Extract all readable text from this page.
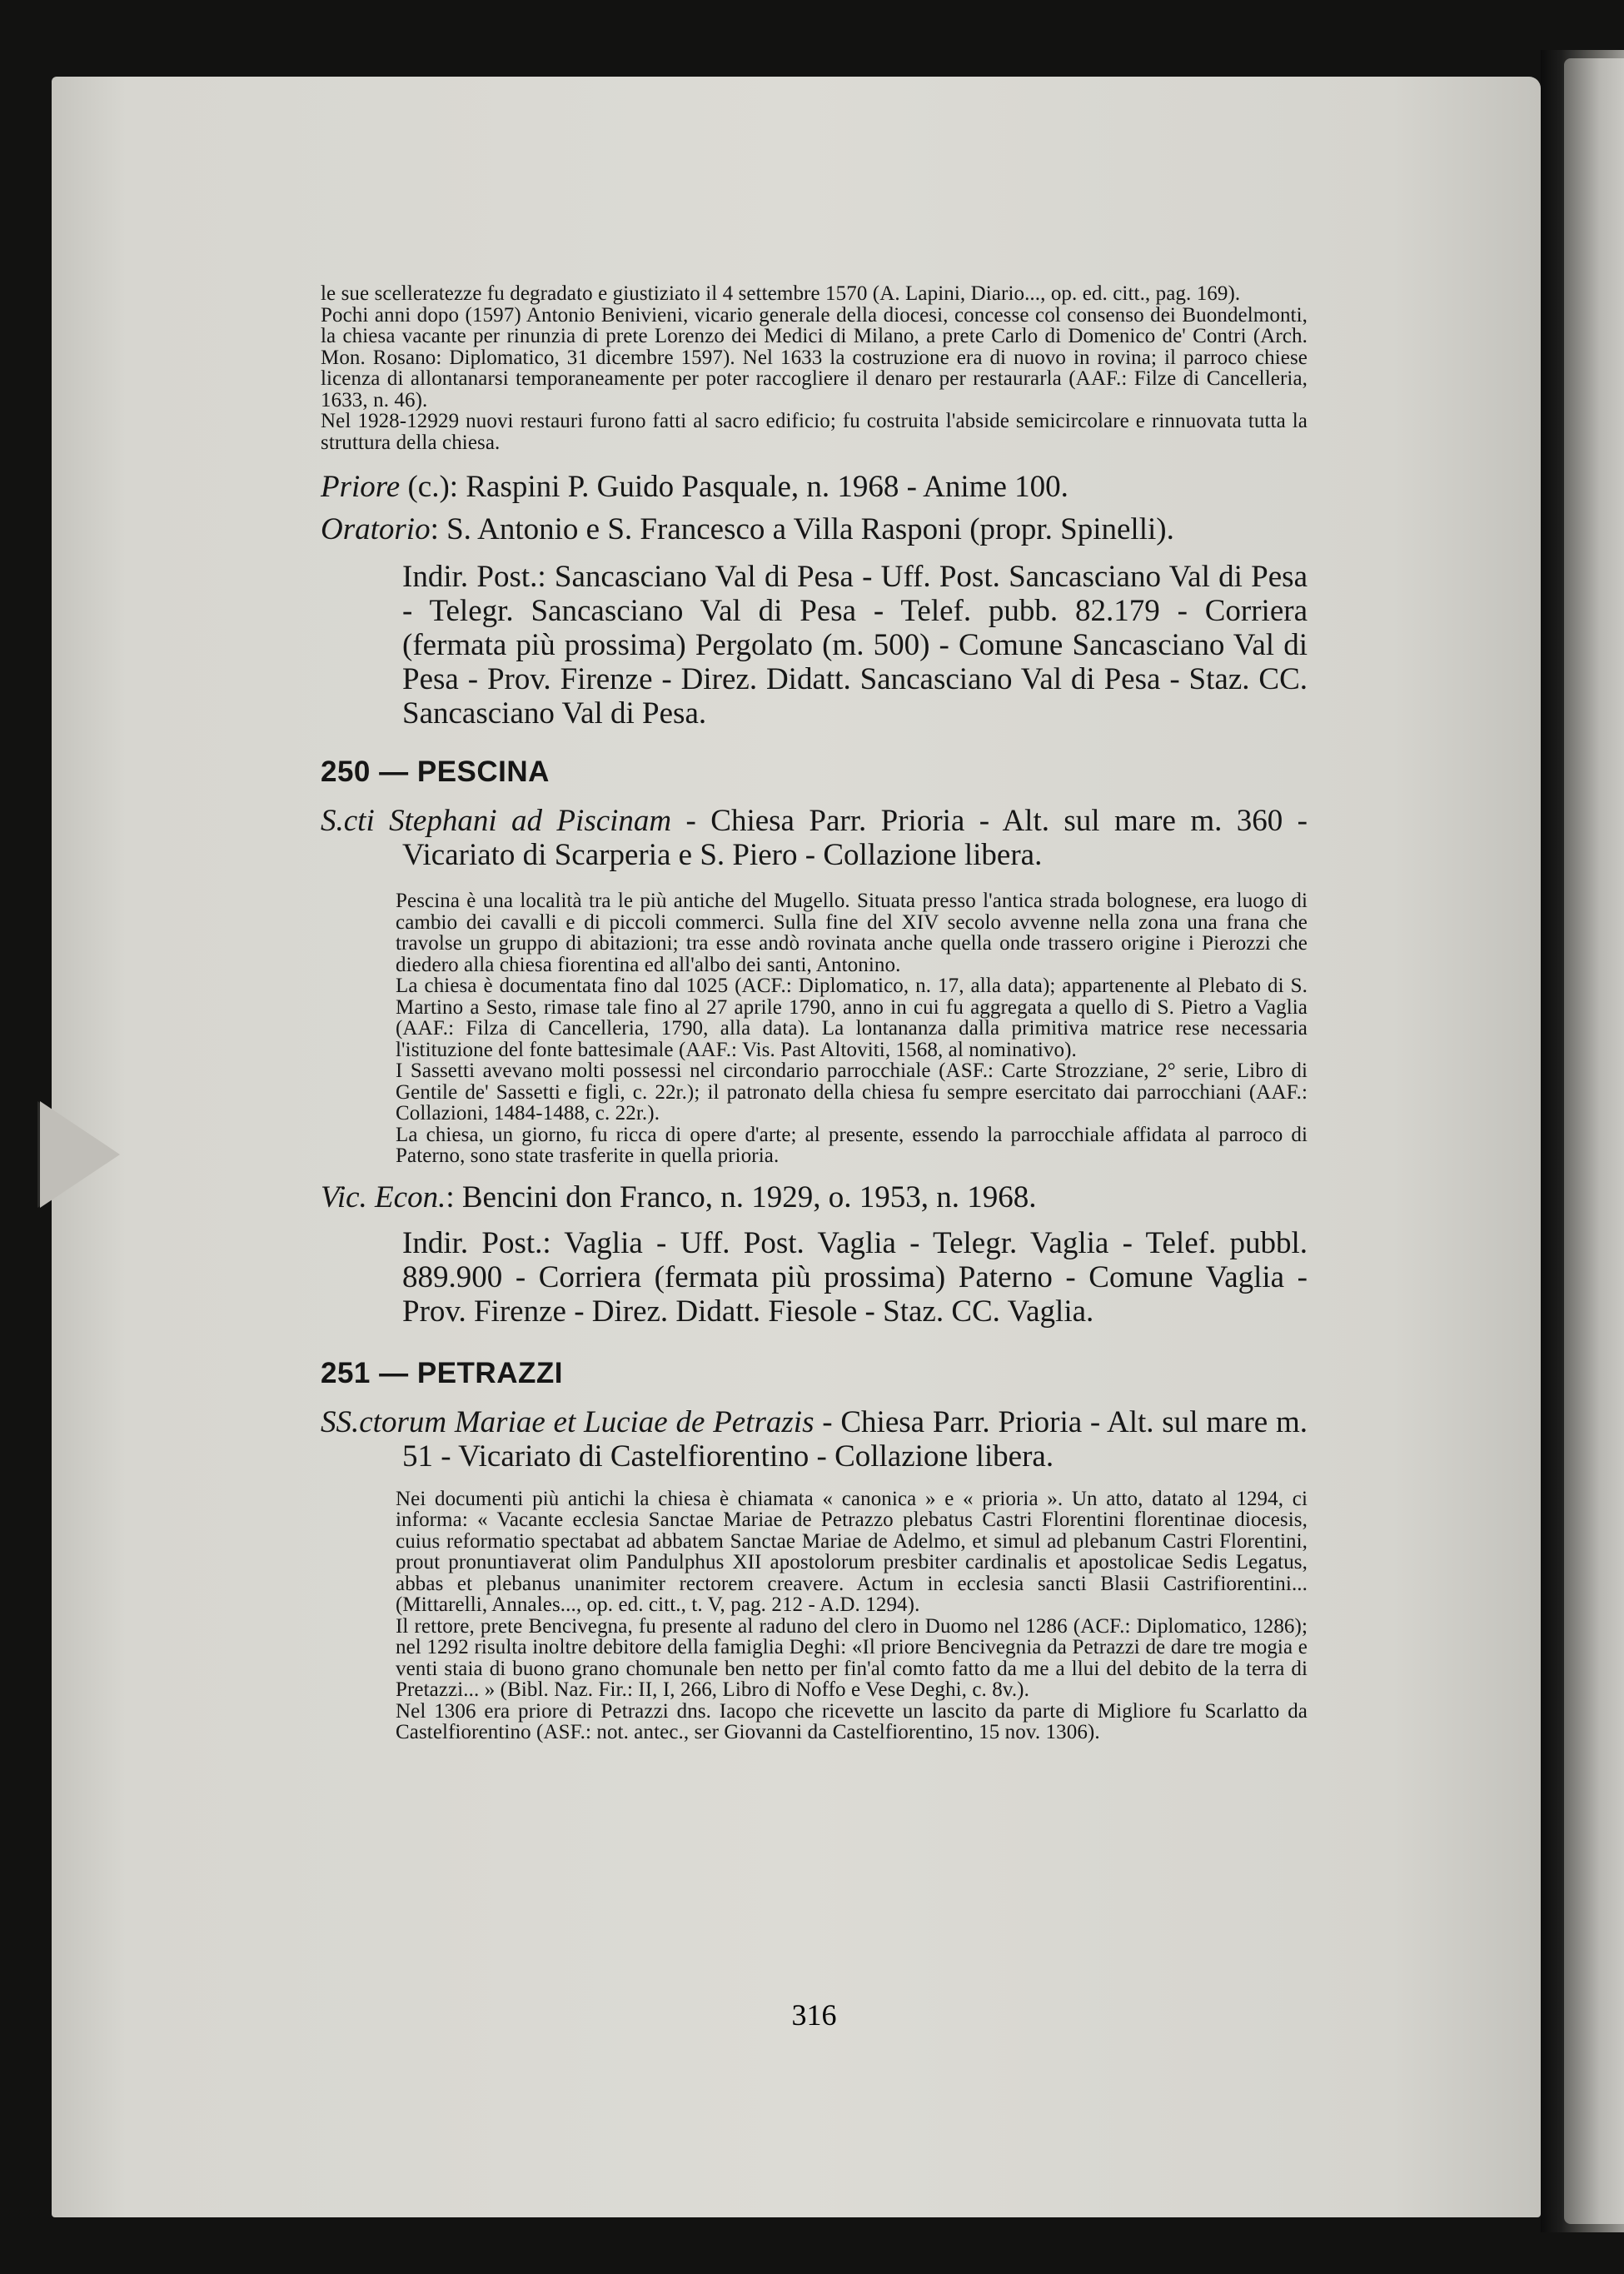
le sue scelleratezze fu degradato e giustiziato il 4 settembre 1570 (A. Lapini, Diario..., op. ed. citt., pag. 169).
Pochi anni dopo (1597) Antonio Benivieni, vicario generale della diocesi, concesse col consenso dei Buondelmonti, la chiesa vacante per rinunzia di prete Lorenzo dei Medici di Milano, a prete Carlo di Domenico de' Contri (Arch. Mon. Rosano: Diplomatico, 31 dicembre 1597). Nel 1633 la costruzione era di nuovo in rovina; il parroco chiese licenza di allontanarsi temporaneamente per poter raccogliere il denaro per restaurarla (AAF.: Filze di Cancelleria, 1633, n. 46).
Nel 1928-12929 nuovi restauri furono fatti al sacro edificio; fu costruita l'abside semicircolare e rinnuovata tutta la struttura della chiesa.

Priore (c.): Raspini P. Guido Pasquale, n. 1968 - Anime 100.

Oratorio: S. Antonio e S. Francesco a Villa Rasponi (propr. Spinelli).

Indir. Post.: Sancasciano Val di Pesa - Uff. Post. Sancasciano Val di Pesa - Telegr. Sancasciano Val di Pesa - Telef. pubb. 82.179 - Corriera (fermata più prossima) Pergolato (m. 500) - Comune Sancasciano Val di Pesa - Prov. Firenze - Direz. Didatt. Sancasciano Val di Pesa - Staz. CC. Sancasciano Val di Pesa.

250 — PESCINA

S.cti Stephani ad Piscinam - Chiesa Parr. Prioria - Alt. sul mare m. 360 - Vicariato di Scarperia e S. Piero - Collazione libera.

Pescina è una località tra le più antiche del Mugello. Situata presso l'antica strada bolognese, era luogo di cambio dei cavalli e di piccoli commerci. Sulla fine del XIV secolo avvenne nella zona una frana che travolse un gruppo di abitazioni; tra esse andò rovinata anche quella onde trassero origine i Pierozzi che diedero alla chiesa fiorentina ed all'albo dei santi, Antonino.
La chiesa è documentata fino dal 1025 (ACF.: Diplomatico, n. 17, alla data); appartenente al Plebato di S. Martino a Sesto, rimase tale fino al 27 aprile 1790, anno in cui fu aggregata a quello di S. Pietro a Vaglia (AAF.: Filza di Cancelleria, 1790, alla data). La lontananza dalla primitiva matrice rese necessaria l'istituzione del fonte battesimale (AAF.: Vis. Past Altoviti, 1568, al nominativo).
I Sassetti avevano molti possessi nel circondario parrocchiale (ASF.: Carte Strozziane, 2° serie, Libro di Gentile de' Sassetti e figli, c. 22r.); il patronato della chiesa fu sempre esercitato dai parrocchiani (AAF.: Collazioni, 1484-1488, c. 22r.).
La chiesa, un giorno, fu ricca di opere d'arte; al presente, essendo la parrocchiale affidata al parroco di Paterno, sono state trasferite in quella prioria.

Vic. Econ.: Bencini don Franco, n. 1929, o. 1953, n. 1968.

Indir. Post.: Vaglia - Uff. Post. Vaglia - Telegr. Vaglia - Telef. pubbl. 889.900 - Corriera (fermata più prossima) Paterno - Comune Vaglia - Prov. Firenze - Direz. Didatt. Fiesole - Staz. CC. Vaglia.

251 — PETRAZZI

SS.ctorum Mariae et Luciae de Petrazis - Chiesa Parr. Prioria - Alt. sul mare m. 51 - Vicariato di Castelfiorentino - Collazione libera.

Nei documenti più antichi la chiesa è chiamata « canonica » e « prioria ». Un atto, datato al 1294, ci informa: « Vacante ecclesia Sanctae Mariae de Petrazzo plebatus Castri Florentini florentinae diocesis, cuius reformatio spectabat ad abbatem Sanctae Mariae de Adelmo, et simul ad plebanum Castri Florentini, prout pronuntiaverat olim Pandulphus XII apostolorum presbiter cardinalis et apostolicae Sedis Legatus, abbas et plebanus unanimiter rectorem creavere. Actum in ecclesia sancti Blasii Castrifiorentini... (Mittarelli, Annales..., op. ed. citt., t. V, pag. 212 - A.D. 1294).
Il rettore, prete Bencivegna, fu presente al raduno del clero in Duomo nel 1286 (ACF.: Diplomatico, 1286); nel 1292 risulta inoltre debitore della famiglia Deghi: «Il priore Bencivegnia da Petrazzi de dare tre mogia e venti staia di buono grano chomunale ben netto per fin'al comto fatto da me a llui del debito de la terra di Pretazzi... » (Bibl. Naz. Fir.: II, I, 266, Libro di Noffo e Vese Deghi, c. 8v.).
Nel 1306 era priore di Petrazzi dns. Iacopo che ricevette un lascito da parte di Migliore fu Scarlatto da Castelfiorentino (ASF.: not. antec., ser Giovanni da Castelfiorentino, 15 nov. 1306).
316
